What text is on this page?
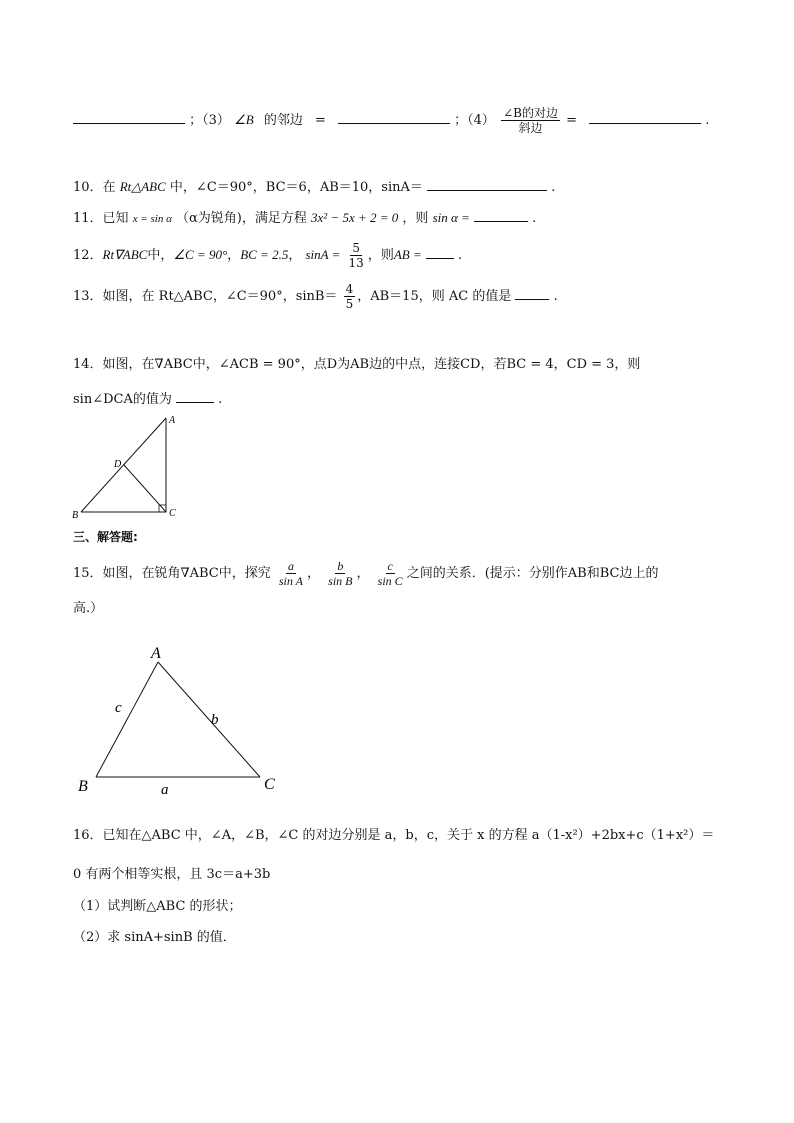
；（3） ∠B 的邻边 =	；$(4) \frac{\text{∠B的对边}}{\text{斜边}}$ =	.
10．在 Rt△ABC 中，∠C＝90°，BC＝6，AB＝10，sinA＝	.
11．已知 x = sin α （α为锐角)，满足方程 3x² − 5x + 2 = 0 ，则 sin α =	.
12．Rt∇ABC中，∠C = 90°，BC = 2.5， $\sin A = \frac{5}{13}$ ，则AB =	.
13．如图，在 Rt△ABC，∠C＝90°，$\sin B= \frac{4}{5}$ ，AB＝15，则 AC 的值是	.
14．如图，在∇ABC中，∠ACB = 90°，点D为AB边的中点，连接CD，若BC = 4，CD = 3，则
sin∠DCA的值为	.
A
B	C
D
三、解答题:
15．如图，在锐角∇ABC中，探究 $\frac{a}{\text{sin A}}$ ， $\frac{b}{\text{sin B}}$ ， $\frac{c}{\text{sin C}}$ 之间的关系．(提示：分别作AB和BC边上的
高.）
A
B	C
c
b
a
16．已知在△ABC 中，∠A，∠B，∠C 的对边分别是 a，b，c，关于 x 的方程 a（1-x²）+2bx+c（1+x²）＝
0 有两个相等实根，且 3c＝a+3b
（1）试判断△ABC 的形状；
（2）求 sinA+sinB 的值．
